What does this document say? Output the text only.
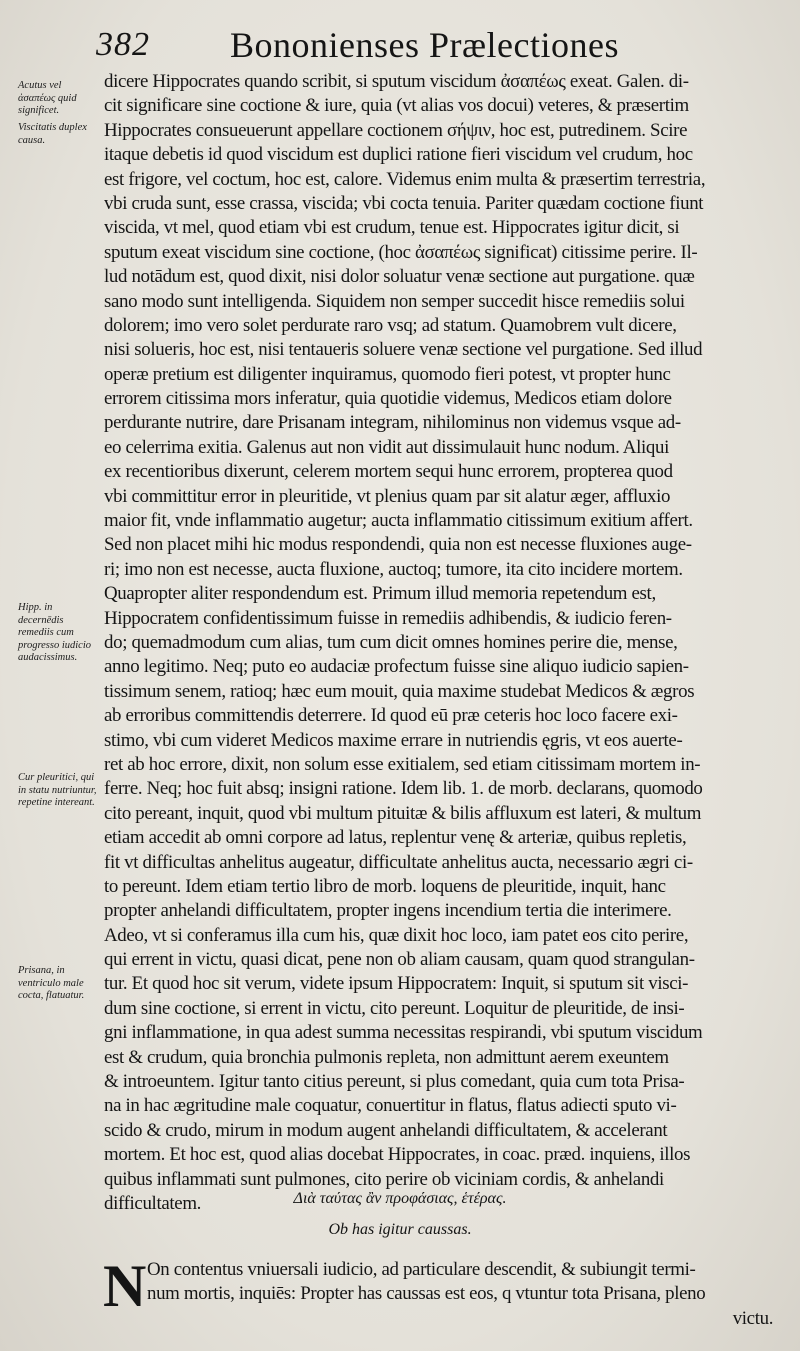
382 Bononienses Prælectiones
Acutus vel ἀσαπέως quid significet.
Viscitatis duplex causa.
Hipp. in decernēdis remediis cum progresso iudicio audacissimus.
Cur pleuritici, qui in statu nutriuntur, repetine intereant.
Prisana, in ventriculo male cocta, flatuatur.
dicere Hippocrates quando scribit, si sputum viscidum ἀσαπέως exeat. Galen. di-
cit significare sine coctione & iure, quia (vt alias vos docui) veteres, & præsertim
Hippocrates consueuerunt appellare coctionem σήψιν, hoc est, putredinem. Scire
itaque debetis id quod viscidum est duplici ratione fieri viscidum vel crudum, hoc
est frigore, vel coctum, hoc est, calore. Videmus enim multa & præsertim terrestria,
vbi cruda sunt, esse crassa, viscida; vbi cocta tenuia. Pariter quædam coctione fiunt
viscida, vt mel, quod etiam vbi est crudum, tenue est. Hippocrates igitur dicit, si
sputum exeat viscidum sine coctione, (hoc ἀσαπέως significat) citissime perire. Il-
lud notādum est, quod dixit, nisi dolor soluatur venæ sectione aut purgatione. quæ
sano modo sunt intelligenda. Siquidem non semper succedit hisce remediis solui
dolorem; imo vero solet perdurate raro vsq; ad statum. Quamobrem vult dicere,
nisi solueris, hoc est, nisi tentaueris soluere venæ sectione vel purgatione. Sed illud
operæ pretium est diligenter inquiramus, quomodo fieri potest, vt propter hunc
errorem citissima mors inferatur, quia quotidie videmus, Medicos etiam dolore
perdurante nutrire, dare Prisanam integram, nihilominus non videmus vsque ad-
eo celerrima exitia. Galenus aut non vidit aut dissimulauit hunc nodum. Aliqui
ex recentioribus dixerunt, celerem mortem sequi hunc errorem, propterea quod
vbi committitur error in pleuritide, vt plenius quam par sit alatur æger, affluxio
maior fit, vnde inflammatio augetur; aucta inflammatio citissimum exitium affert.
Sed non placet mihi hic modus respondendi, quia non est necesse fluxiones auge-
ri; imo non est necesse, aucta fluxione, auctoq; tumore, ita cito incidere mortem.
Quapropter aliter respondendum est. Primum illud memoria repetendum est,
Hippocratem confidentissimum fuisse in remediis adhibendis, & iudicio feren-
do; quemadmodum cum alias, tum cum dicit omnes homines perire die, mense,
anno legitimo. Neq; puto eo audaciæ profectum fuisse sine aliquo iudicio sapien-
tissimum senem, ratioq; hæc eum mouit, quia maxime studebat Medicos & ægros
ab erroribus committendis deterrere. Id quod eū præ ceteris hoc loco facere exi-
stimo, vbi cum videret Medicos maxime errare in nutriendis ęgris, vt eos auerte-
ret ab hoc errore, dixit, non solum esse exitialem, sed etiam citissimam mortem in-
ferre. Neq; hoc fuit absq; insigni ratione. Idem lib. 1. de morb. declarans, quomodo
cito pereant, inquit, quod vbi multum pituitæ & bilis affluxum est lateri, & multum
etiam accedit ab omni corpore ad latus, replentur venę & arteriæ, quibus repletis,
fit vt difficultas anhelitus augeatur, difficultate anhelitus aucta, necessario ægri ci-
to pereunt. Idem etiam tertio libro de morb. loquens de pleuritide, inquit, hanc
propter anhelandi difficultatem, propter ingens incendium tertia die interimere.
Adeo, vt si conferamus illa cum his, quæ dixit hoc loco, iam patet eos cito perire,
qui errent in victu, quasi dicat, pene non ob aliam causam, quam quod strangulan-
tur. Et quod hoc sit verum, videte ipsum Hippocratem: Inquit, si sputum sit visci-
dum sine coctione, si errent in victu, cito pereunt. Loquitur de pleuritide, de insi-
gni inflammatione, in qua adest summa necessitas respirandi, vbi sputum viscidum
est & crudum, quia bronchia pulmonis repleta, non admittunt aerem exeuntem
& introeuntem. Igitur tanto citius pereunt, si plus comedant, quia cum tota Prisa-
na in hac ægritudine male coquatur, conuertitur in flatus, flatus adiecti sputo vi-
scido & crudo, mirum in modum augent anhelandi difficultatem, & accelerant
mortem. Et hoc est, quod alias docebat Hippocrates, in coac. præd. inquiens, illos
quibus inflammati sunt pulmones, cito perire ob viciniam cordis, & anhelandi
difficultatem.	Διὰ ταύτας ἂν προφάσιας, ἑτέρας.
Ob has igitur caussas.
N On contentus vniuersali iudicio, ad particulare descendit, & subiungit termi-
num mortis, inquiēs: Propter has caussas est eos, q vtuntur tota Prisana, pleno
victu.
